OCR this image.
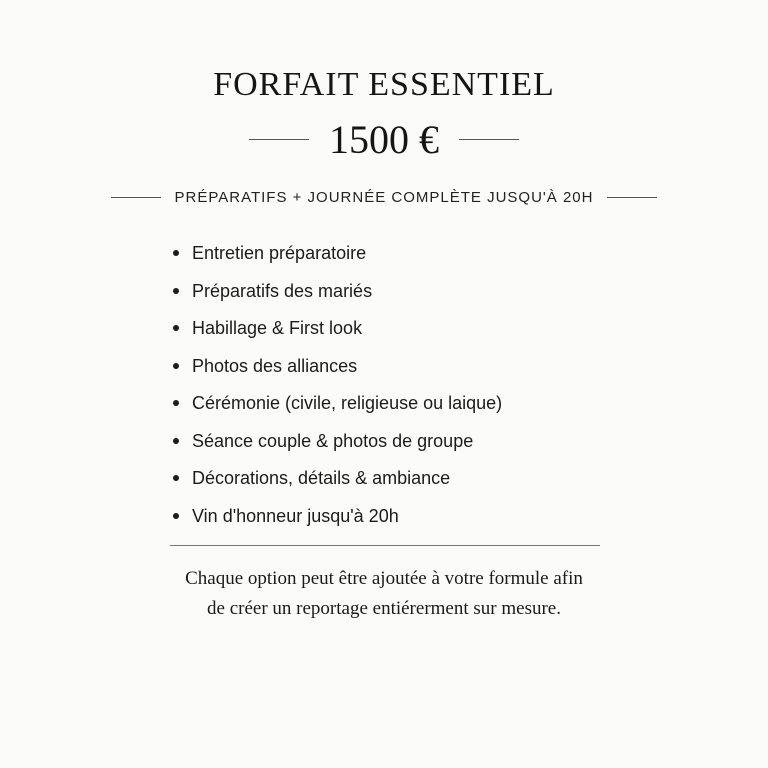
FORFAIT ESSENTIEL
1500 €
PRÉPARATIFS + JOURNÉE COMPLÈTE JUSQU'À 20H
Entretien préparatoire
Préparatifs des mariés
Habillage & First look
Photos des alliances
Cérémonie (civile, religieuse ou laique)
Séance couple & photos de groupe
Décorations, détails & ambiance
Vin d'honneur jusqu'à 20h
Chaque option peut être ajoutée à votre formule afin
de créer un reportage entiérerment sur mesure.
